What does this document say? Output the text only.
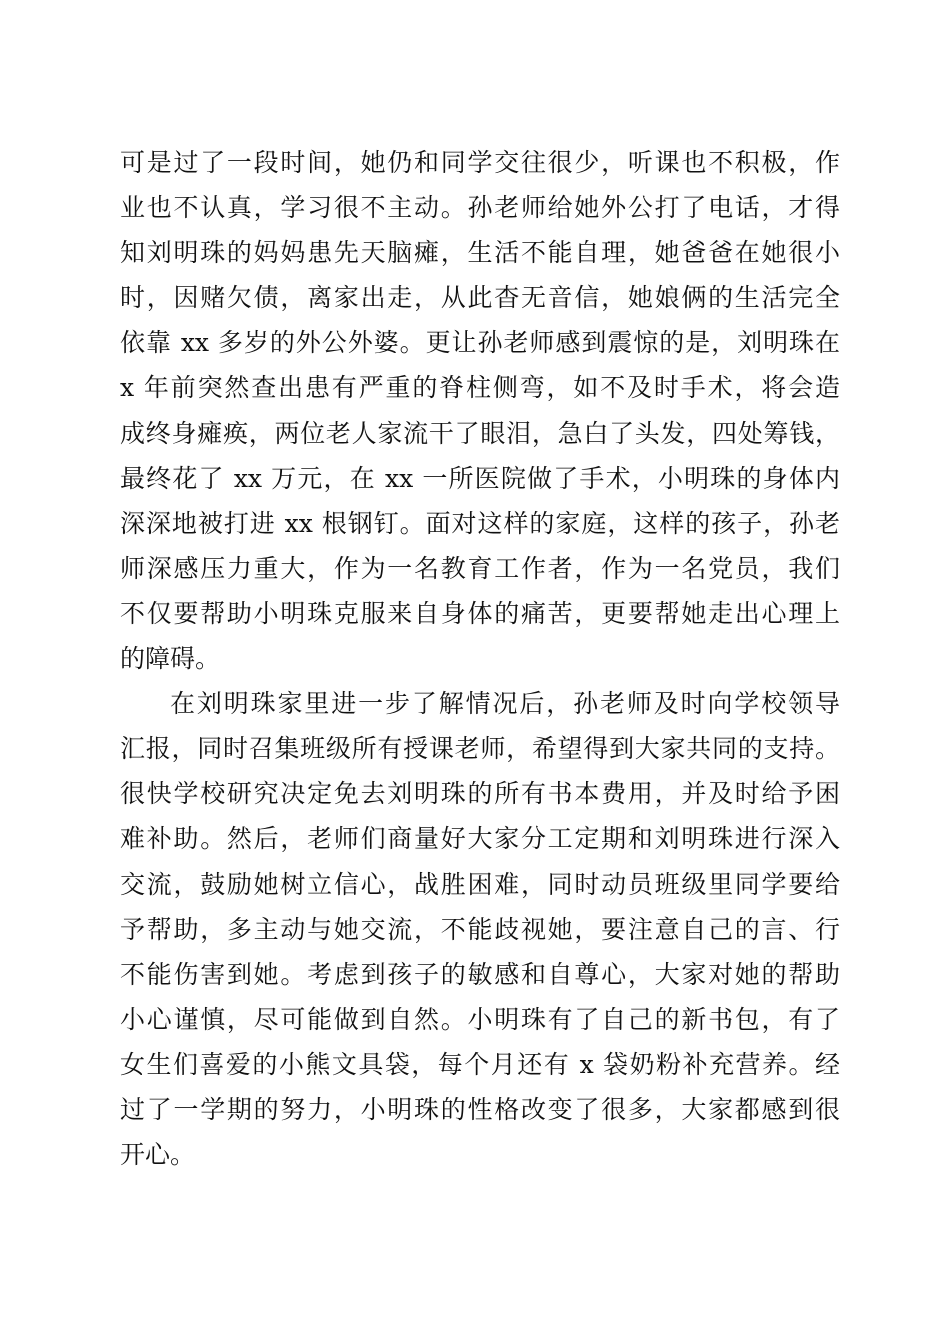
可是过了一段时间，她仍和同学交往很少，听课也不积极，作
业也不认真，学习很不主动。孙老师给她外公打了电话，才得
知刘明珠的妈妈患先天脑瘫，生活不能自理，她爸爸在她很小
时，因赌欠债，离家出走，从此杳无音信，她娘俩的生活完全
依靠 xx 多岁的外公外婆。更让孙老师感到震惊的是，刘明珠在
x 年前突然查出患有严重的脊柱侧弯，如不及时手术，将会造
成终身瘫痪，两位老人家流干了眼泪，急白了头发，四处筹钱，
最终花了 xx 万元，在 xx 一所医院做了手术，小明珠的身体内
深深地被打进 xx 根钢钉。面对这样的家庭，这样的孩子，孙老
师深感压力重大，作为一名教育工作者，作为一名党员，我们
不仅要帮助小明珠克服来自身体的痛苦，更要帮她走出心理上
的障碍。
在刘明珠家里进一步了解情况后，孙老师及时向学校领导
汇报，同时召集班级所有授课老师，希望得到大家共同的支持。
很快学校研究决定免去刘明珠的所有书本费用，并及时给予困
难补助。然后，老师们商量好大家分工定期和刘明珠进行深入
交流，鼓励她树立信心，战胜困难，同时动员班级里同学要给
予帮助，多主动与她交流，不能歧视她，要注意自己的言、行
不能伤害到她。考虑到孩子的敏感和自尊心，大家对她的帮助
小心谨慎，尽可能做到自然。小明珠有了自己的新书包，有了
女生们喜爱的小熊文具袋，每个月还有 x 袋奶粉补充营养。经
过了一学期的努力，小明珠的性格改变了很多，大家都感到很
开心。
